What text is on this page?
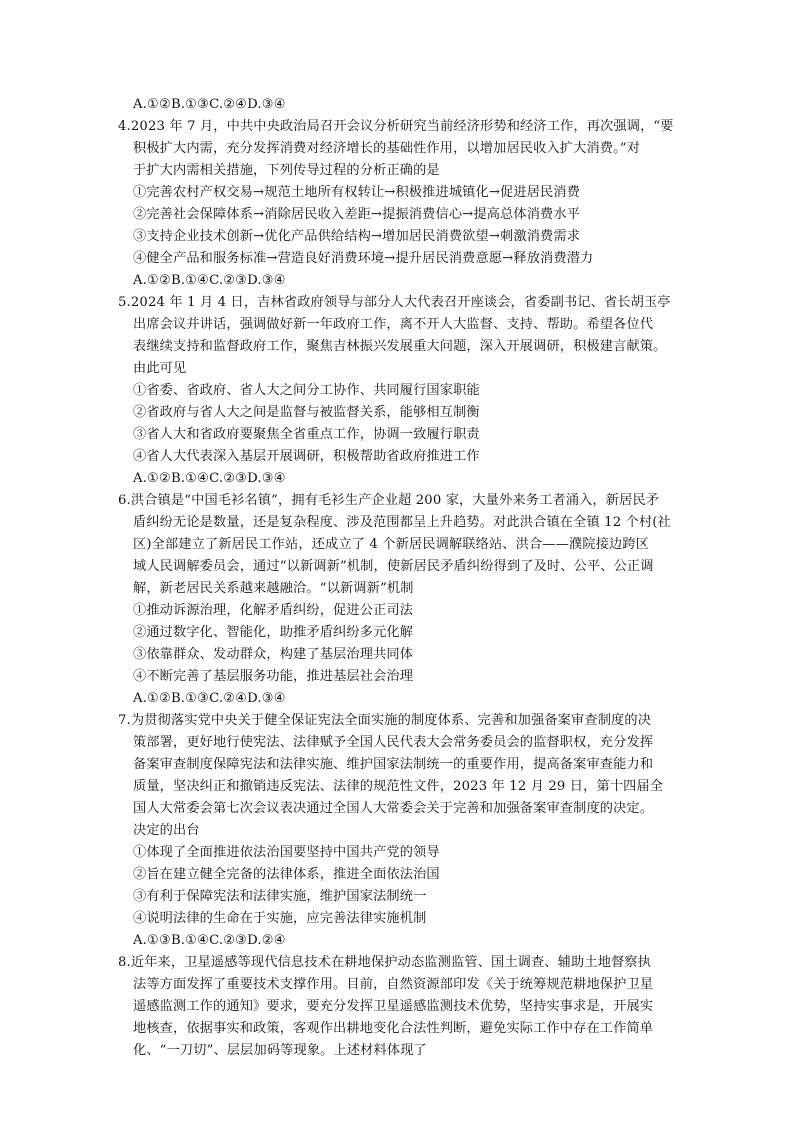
A.①②B.①③C.②④D.③④
4.2023 年 7 月，中共中央政治局召开会议分析研究当前经济形势和经济工作，再次强调，“要
积极扩大内需，充分发挥消费对经济增长的基础性作用，以增加居民收入扩大消费。”对
于扩大内需相关措施，下列传导过程的分析正确的是
①完善农村产权交易→规范土地所有权转让→积极推进城镇化→促进居民消费
②完善社会保障体系→消除居民收入差距→提振消费信心→提高总体消费水平
③支持企业技术创新→优化产品供给结构→增加居民消费欲望→刺激消费需求
④健全产品和服务标准→营造良好消费环境→提升居民消费意愿→释放消费潜力
A.①②B.①④C.②③D.③④
5.2024 年 1 月 4 日，吉林省政府领导与部分人大代表召开座谈会，省委副书记、省长胡玉亭
出席会议并讲话，强调做好新一年政府工作，离不开人大监督、支持、帮助。希望各位代
表继续支持和监督政府工作，聚焦吉林振兴发展重大问题，深入开展调研，积极建言献策。
由此可见
①省委、省政府、省人大之间分工协作、共同履行国家职能
②省政府与省人大之间是监督与被监督关系，能够相互制衡
③省人大和省政府要聚焦全省重点工作，协调一致履行职责
④省人大代表深入基层开展调研，积极帮助省政府推进工作
A.①②B.①④C.②③D.③④
6.洪合镇是“中国毛衫名镇”，拥有毛衫生产企业超 200 家，大量外来务工者涌入，新居民矛
盾纠纷无论是数量，还是复杂程度、涉及范围都呈上升趋势。对此洪合镇在全镇 12 个村(社
区)全部建立了新居民工作站，还成立了 4 个新居民调解联络站、洪合——濮院接边跨区
域人民调解委员会，通过“以新调新”机制，使新居民矛盾纠纷得到了及时、公平、公正调
解，新老居民关系越来越融洽。“以新调新”机制
①推动诉源治理，化解矛盾纠纷，促进公正司法
②通过数字化、智能化，助推矛盾纠纷多元化解
③依靠群众、发动群众，构建了基层治理共同体
④不断完善了基层服务功能，推进基层社会治理
A.①②B.①③C.②④D.③④
7.为贯彻落实党中央关于健全保证宪法全面实施的制度体系、完善和加强备案审查制度的决
策部署，更好地行使宪法、法律赋予全国人民代表大会常务委员会的监督职权，充分发挥
备案审查制度保障宪法和法律实施、维护国家法制统一的重要作用，提高备案审查能力和
质量，坚决纠正和撤销违反宪法、法律的规范性文件，2023 年 12 月 29 日，第十四届全
国人大常委会第七次会议表决通过全国人大常委会关于完善和加强备案审查制度的决定。
决定的出台
①体现了全面推进依法治国要坚持中国共产党的领导
②旨在建立健全完备的法律体系，推进全面依法治国
③有利于保障宪法和法律实施，维护国家法制统一
④说明法律的生命在于实施，应完善法律实施机制
A.①③B.①④C.②③D.②④
8.近年来，卫星遥感等现代信息技术在耕地保护动态监测监管、国土调查、辅助土地督察执
法等方面发挥了重要技术支撑作用。目前，自然资源部印发《关于统筹规范耕地保护卫星
遥感监测工作的通知》要求，要充分发挥卫星遥感监测技术优势，坚持实事求是，开展实
地核查，依据事实和政策，客观作出耕地变化合法性判断，避免实际工作中存在工作简单
化、“一刀切”、层层加码等现象。上述材料体现了
